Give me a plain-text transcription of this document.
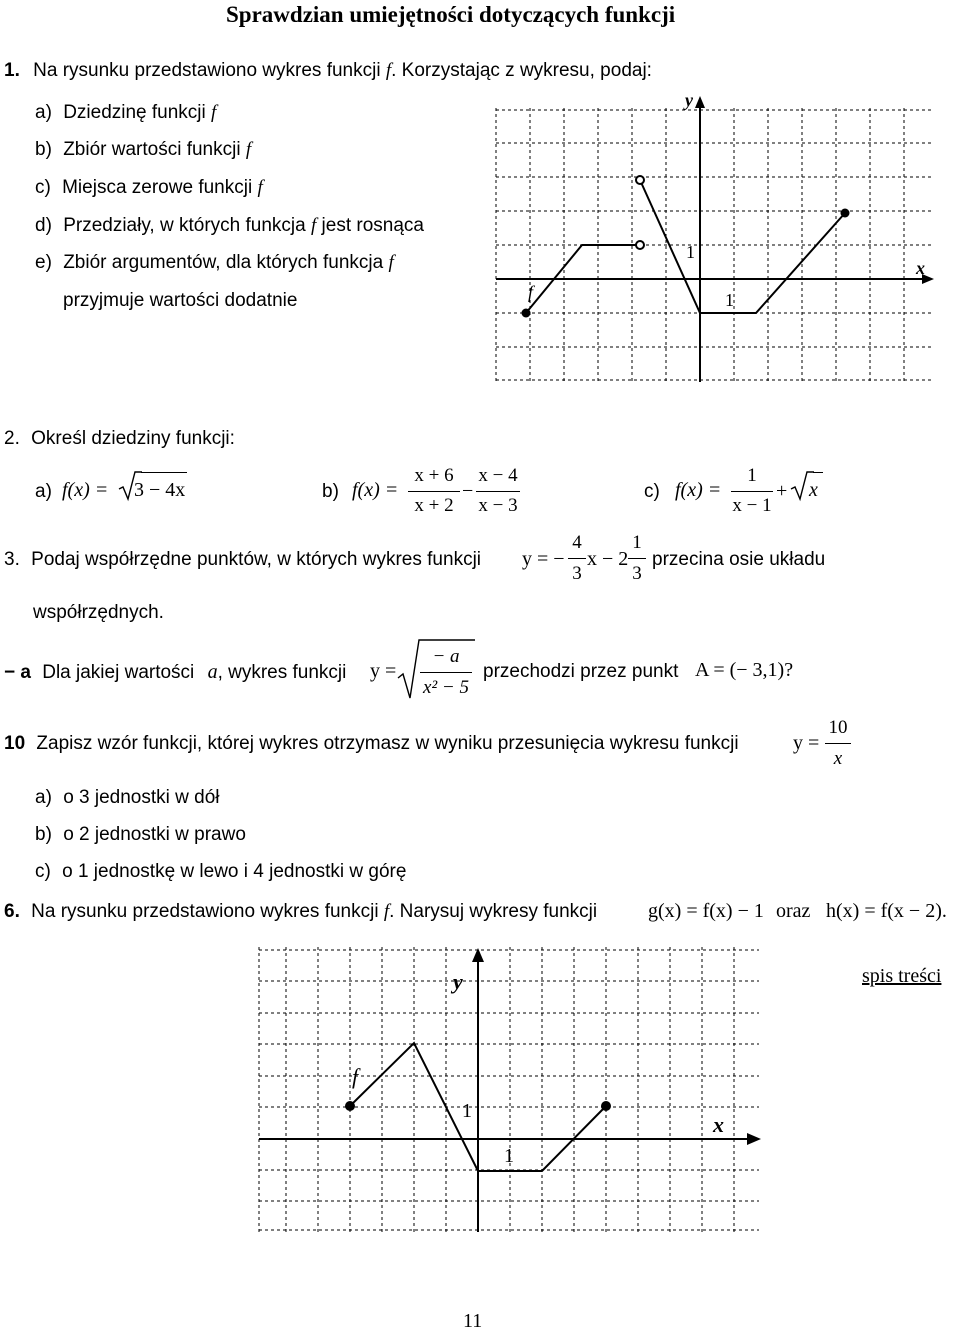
Sprawdzian umiejętności dotyczących funkcji
1. Na rysunku przedstawiono wykres funkcji f. Korzystając z wykresu, podaj:
a) Dziedzinę funkcji f
b) Zbiór wartości funkcji f
c) Miejsca zerowe funkcji f
d) Przedziały, w których funkcja f jest rosnąca
e) Zbiór argumentów, dla których funkcja f
przyjmuje wartości dodatnie
y
x
1
1
f
2. Określ dziedziny funkcji:
a) f(x) = 3 − 4x	b) f(x) =
x + 6
x + 2
−
x − 4
x − 3
c) f(x) =
1
x − 1
+ x
3. Podaj współrzędne punktów, w których wykres funkcji y = −
4
3
x − 2
1
3
przecina osie układu
współrzędnych.
− a Dla jakiej wartości a, wykres funkcji y =
− a
x² − 5
przechodzi przez punkt A = (− 3,1)?
10 Zapisz wzór funkcji, której wykres otrzymasz w wyniku przesunięcia wykresu funkcji	y =
10
x
a) o 3 jednostki w dół
b) o 2 jednostki w prawo
c) o 1 jednostkę w lewo i 4 jednostki w górę
6. Na rysunku przedstawiono wykres funkcji f. Narysuj wykresy funkcji	g(x) = f(x) − 1 oraz h(x) = f(x − 2).
y
x
1
1
f
spis treści
11
